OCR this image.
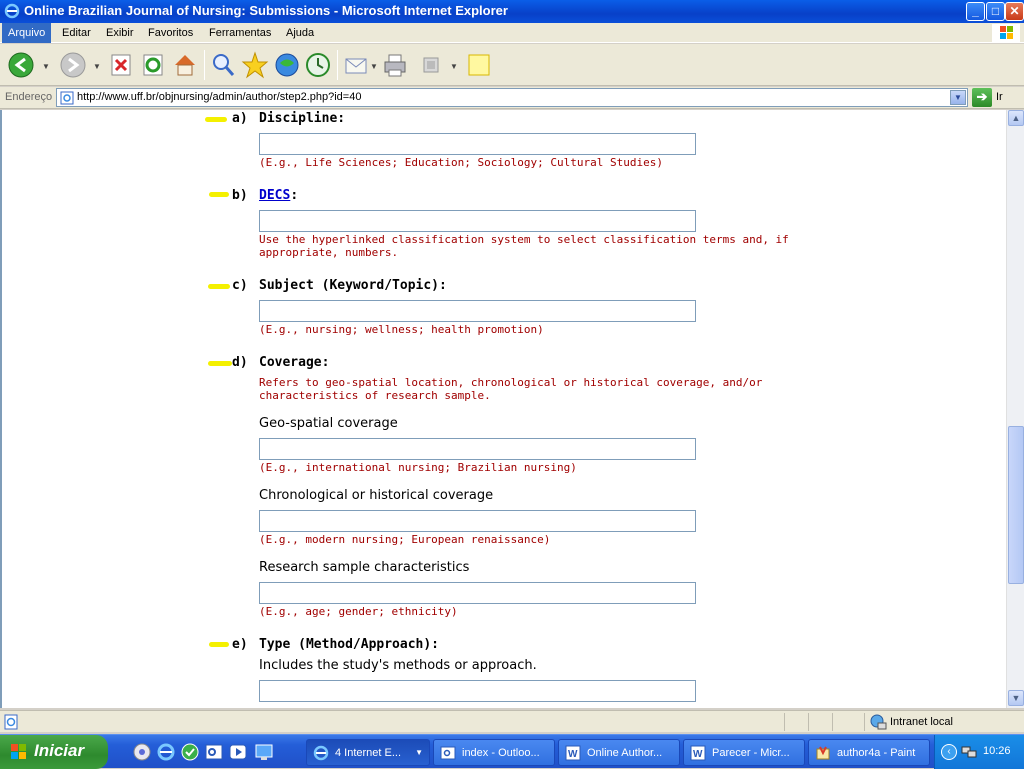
Online Brazilian Journal of Nursing: Submissions - Microsoft Internet Explorer	_	□ ✕
Arquivo	Editar	Exibir	Favoritos	Ferramentas	Ajuda
▼	▼	▼	▼
Endereço http://www.uff.br/objnursing/admin/author/step2.php?id=40	▼	➔ Ir
a) Discipline:
(E.g., Life Sciences; Education; Sociology; Cultural Studies)
b) DECS:
Use the hyperlinked classification system to select classification terms and, if appropriate, numbers.
c) Subject (Keyword/Topic):
(E.g., nursing; wellness; health promotion)
d) Coverage:
Refers to geo-spatial location, chronological or historical coverage, and/or characteristics of research sample.
Geo-spatial coverage
(E.g., international nursing; Brazilian nursing)
Chronological or historical coverage
(E.g., modern nursing; European renaissance)
Research sample characteristics
(E.g., age; gender; ethnicity)
e) Type (Method/Approach):
Includes the study's methods or approach.
▲
▼
Intranet local
Iniciar	4 Internet E... ▼	index - Outloo...	W Online Author...	W Parecer - Micr...	author4a - Paint	‹	10:26
